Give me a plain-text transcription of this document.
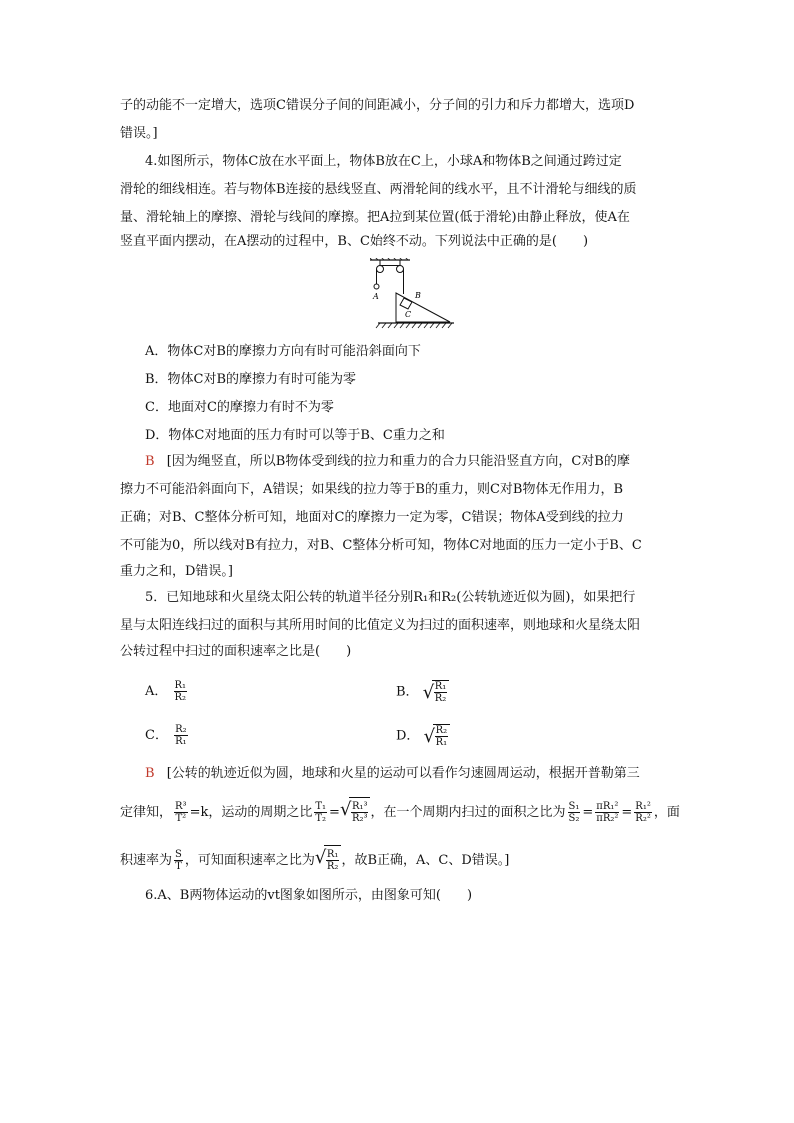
子的动能不一定增大，选项C错误分子间的间距减小，分子间的引力和斥力都增大，选项D
错误。]
4.如图所示，物体C放在水平面上，物体B放在C上，小球A和物体B之间通过跨过定
滑轮的细线相连。若与物体B连接的悬线竖直、两滑轮间的线水平，且不计滑轮与细线的质
量、滑轮轴上的摩擦、滑轮与线间的摩擦。把A拉到某位置(低于滑轮)由静止释放，使A在
竖直平面内摆动，在A摆动的过程中，B、C始终不动。下列说法中正确的是(　　)
A	B
C
A．物体C对B的摩擦力方向有时可能沿斜面向下
B．物体C对B的摩擦力有时可能为零
C．地面对C的摩擦力有时不为零
D．物体C对地面的压力有时可以等于B、C重力之和
B [因为绳竖直，所以B物体受到线的拉力和重力的合力只能沿竖直方向，C对B的摩
擦力不可能沿斜面向下，A错误；如果线的拉力等于B的重力，则C对B物体无作用力，B
正确；对B、C整体分析可知，地面对C的摩擦力一定为零，C错误；物体A受到线的拉力
不可能为0，所以线对B有拉力，对B、C整体分析可知，物体C对地面的压力一定小于B、C
重力之和，D错误。]
5．已知地球和火星绕太阳公转的轨道半径分别R₁和R₂(公转轨迹近似为圆)，如果把行
星与太阳连线扫过的面积与其所用时间的比值定义为扫过的面积速率，则地球和火星绕太阳
公转过程中扫过的面积速率之比是(　　)
A． $\frac{\text{R₁}}{\text{R₂}}$	B． √ $\frac{\text{R₁}}{\text{R₂}}$
C． $\frac{\text{R₂}}{\text{R₁}}$	D． √ $\frac{\text{R₂}}{\text{R₁}}$
B [公转的轨迹近似为圆，地球和火星的运动可以看作匀速圆周运动，根据开普勒第三
定律知， $\frac{\text{R³}}{\text{T²}} =k$，运动的周期之比 $\frac{\text{T₁}}{\text{T₂}}$ = √ $\frac{\text{R₁³}}{\text{R₂³}}$ ，在一个周期内扫过的面积之比为 $\frac{\text{S₁}}{\text{S₂}} = \frac{\text{πR₁²}}{\text{πR₂²}} = \frac{\text{R₁²}}{\text{R₂²}}$ ，面
积速率为 $\frac{S}{T}$ ，可知面积速率之比为 √ $\frac{\text{R₁}}{\text{R₂}}$ ，故B正确，A、C、D错误。]
6.A、B两物体运动的vt图象如图所示，由图象可知(　　)
